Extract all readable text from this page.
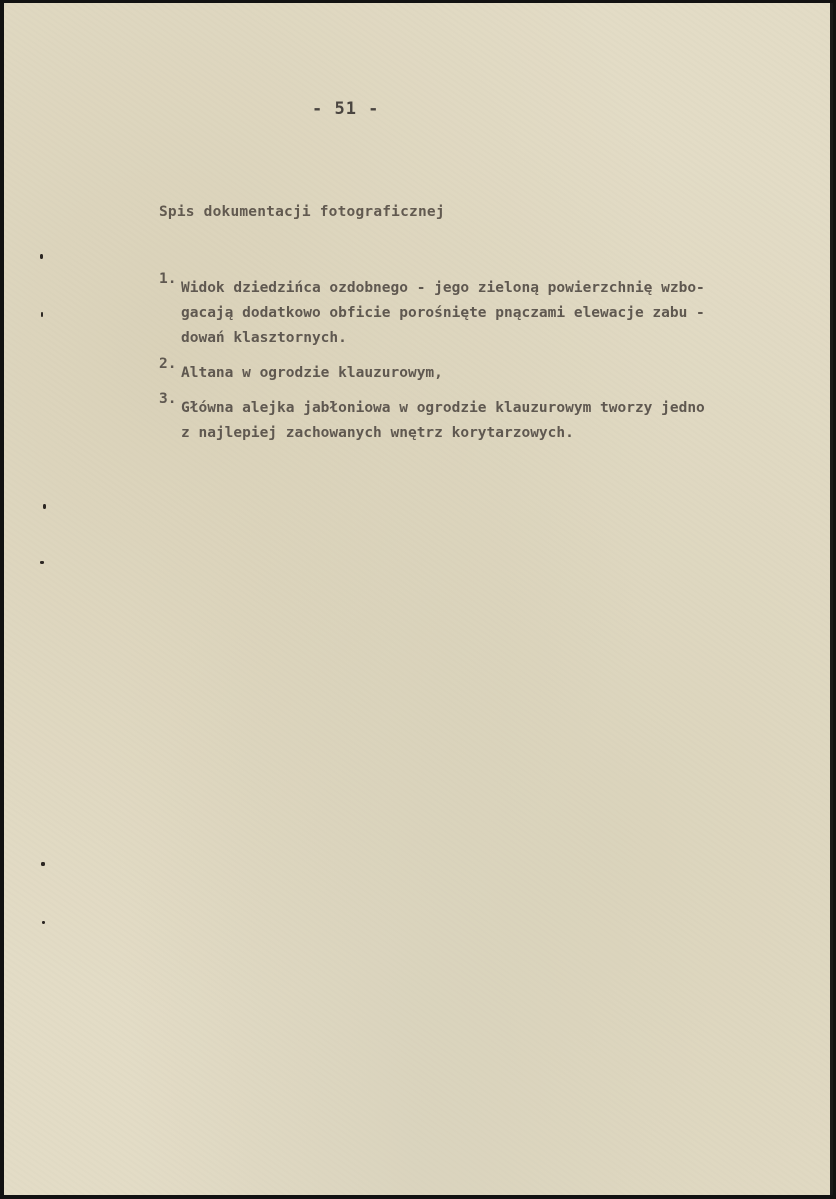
- 51 -
Spis dokumentacji fotograficznej
1.
Widok dziedzińca ozdobnego - jego zieloną powierzchnię wzbo-
gacają dodatkowo obficie porośnięte pnączami elewacje zabu -
dowań klasztornych.
2.
Altana w ogrodzie klauzurowym,
3.
Główna alejka jabłoniowa w ogrodzie klauzurowym tworzy jedno
z najlepiej zachowanych wnętrz korytarzowych.
